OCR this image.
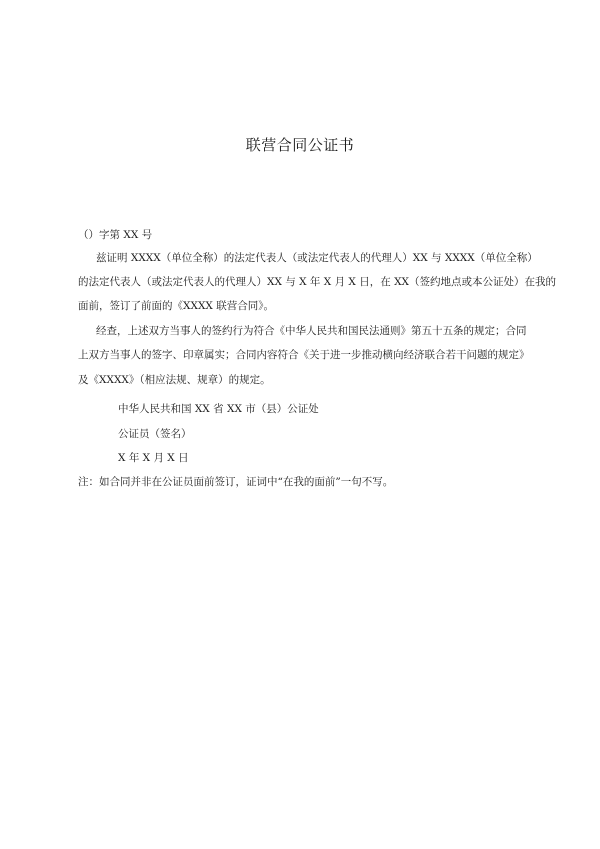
联营合同公证书
（）字第 XX 号
兹证明 XXXX（单位全称）的法定代表人（或法定代表人的代理人）XX 与 XXXX（单位全称）
的法定代表人（或法定代表人的代理人）XX 与 X 年 X 月 X 日，在 XX（签约地点或本公证处）在我的
面前，签订了前面的《XXXX 联营合同》。
经查，上述双方当事人的签约行为符合《中华人民共和国民法通则》第五十五条的规定；合同
上双方当事人的签字、印章属实；合同内容符合《关于进一步推动横向经济联合若干问题的规定》
及《XXXX》（相应法规、规章）的规定。
中华人民共和国 XX 省 XX 市（县）公证处
公证员（签名）
X 年 X 月 X 日
注：如合同并非在公证员面前签订，证词中“在我的面前”一句不写。
